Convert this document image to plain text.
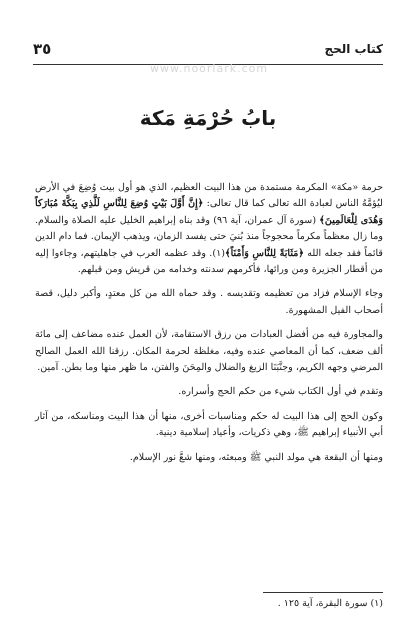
٣٥	كتاب الحج
www.noorlark.com
بابُ حُرْمَةِ مَكة

حرمة «مكة» المكرمة مستمدة من هذا البيت العظيم، الذي هو أول بيت وُضِعَ في الأرض ليُؤمَّهُ الناس لعبادة الله تعالى كما قال تعالى: ﴿إِنَّ أَوَّلَ بَيْتٍ وُضِعَ لِلنَّاسِ لَلَّذِي بِبَكَّةَ مُبَارَكاً وَهُدَى لِلْعَالَمِينَ﴾ (سورة آل عمران، آية ٩٦) وقد بناه إبراهيم الخليل عليه الصلاة والسلام. وما زال معظماً مكرماً محجوجاً منذ بُنيَ حتى يفسد الزمان، ويذهب الإيمان. فما دام الدين قائماً فقد جعله الله ﴿مَثَابَةً لِلنَّاسِ وَأَمْنَاً﴾(١). وقد عظمه العرب في جاهليتهم، وجاءوا إليه من أقطار الجزيرة ومن ورائها، فأكرمهم سدنته وخدامه من قريش ومن قبلهم.

وجاء الإسلام فزاد من تعظيمه وتقديسه . وقد حماه الله من كل معتدٍ، وأكبر دليل، قصة أصحاب الفيل المشهورة.

والمجاورة فيه من أفضل العبادات من رزق الاستقامة، لأن العمل عنده مضاعف إلى مائة ألف ضعف، كما أن المعاصي عنده وفيه، مغلظة لحرمة المكان. رزقنا الله العمل الصالح المرضي وجهه الكريم، وجنَّبَنَا الزيغ والضلال والمِحَنَ والفتن، ما ظهر منها وما بطن. آمين.

وتقدم في أول الكتاب شيء من حكم الحج وأسراره.

وكون الحج إلى هذا البيت له حكم ومناسبات أخرى، منها أن هذا البيت ومناسكه، من آثار أبي الأنبياء إبراهيم ﷺ، وهي ذكريات، وأعياد إسلامية دينية.

ومنها أن البقعة هي مولد النبي ﷺ ومبعثه، ومنها شعَّ نور الإسلام.

(١) سورة البقرة، آية ١٢٥ .
